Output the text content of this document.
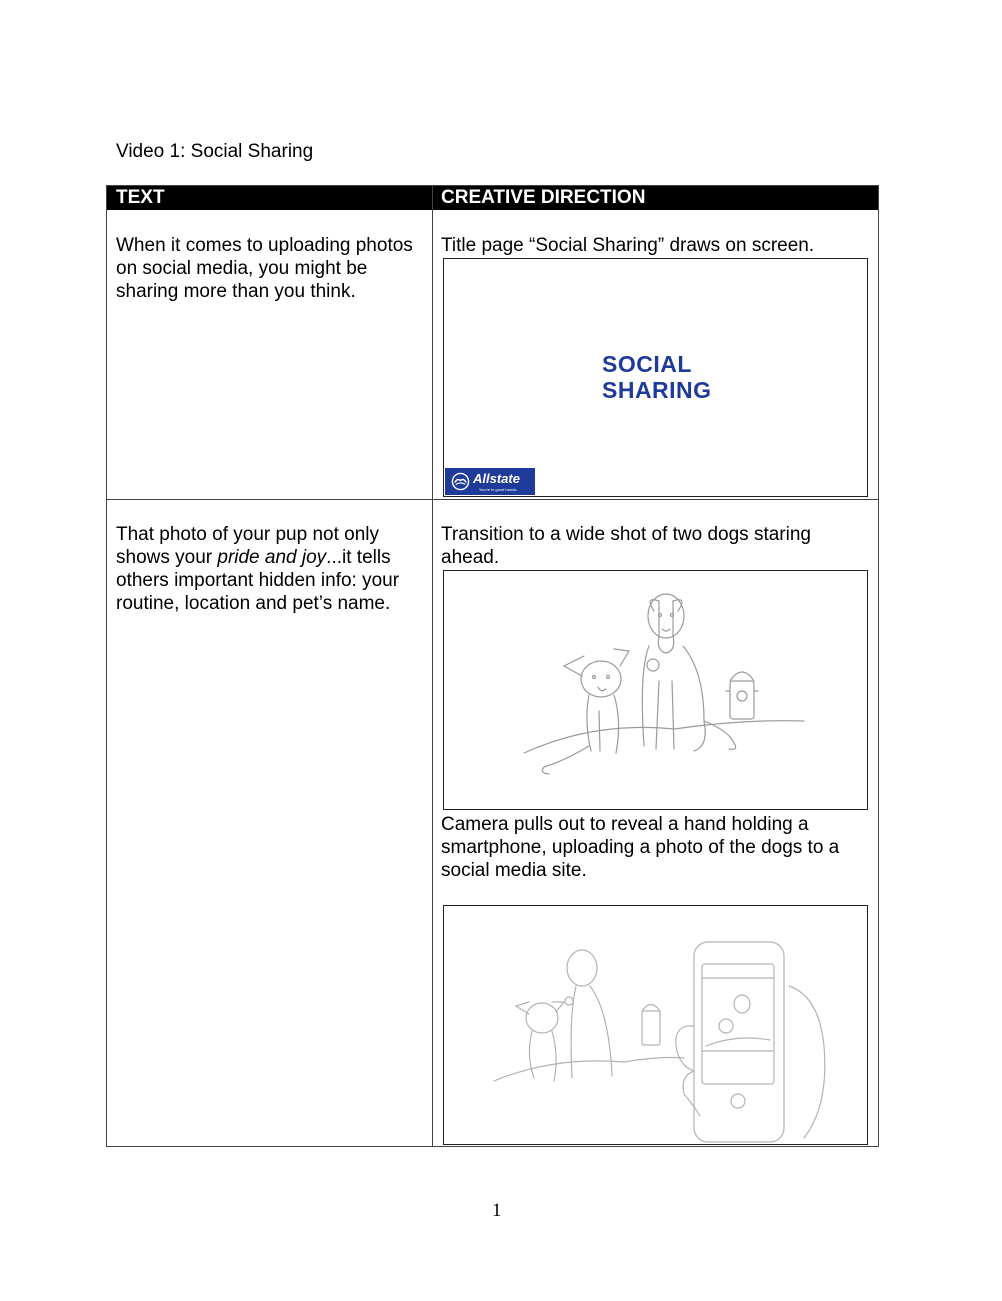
Video 1: Social Sharing
TEXT	CREATIVE DIRECTION
When it comes to uploading photos on social media, you might be sharing more than you think.
Title page “Social Sharing” draws on screen.
SOCIAL
SHARING
Allstate
You're in good hands.
That photo of your pup not only shows your pride and joy...it tells others important hidden info: your routine, location and pet’s name.
Transition to a wide shot of two dogs staring ahead.
Camera pulls out to reveal a hand holding a smartphone, uploading a photo of the dogs to a social media site.
1
